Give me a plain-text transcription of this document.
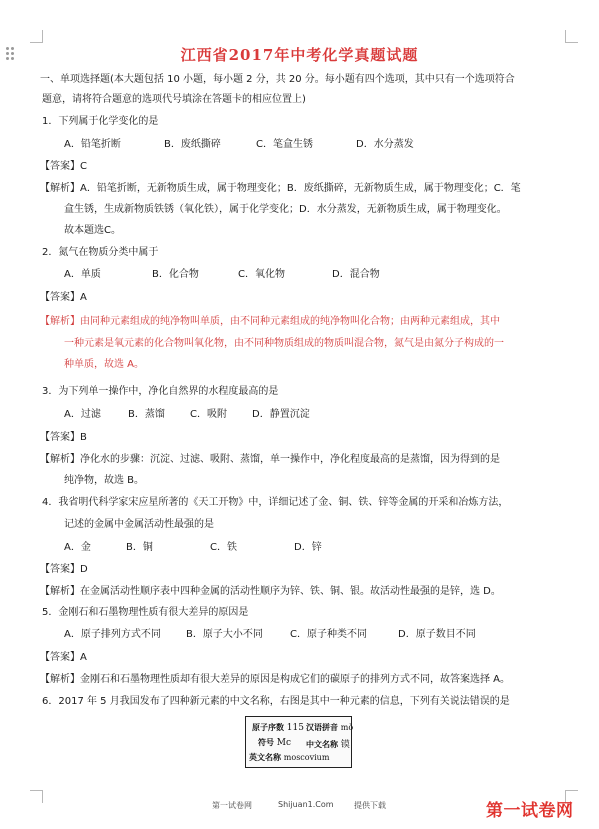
江西省2017年中考化学真题试题
一、单项选择题(本大题包括 10 小题，每小题 2 分，共 20 分。每小题有四个选项，其中只有一个选项符合
题意，请将符合题意的选项代号填涂在答题卡的相应位置上)
1．下列属于化学变化的是
A．铅笔折断	B．废纸撕碎	C．笔盒生锈	D．水分蒸发
【答案】C
【解析】A．铅笔折断，无新物质生成，属于物理变化；B．废纸撕碎，无新物质生成，属于物理变化；C．笔
盒生锈，生成新物质铁锈（氧化铁），属于化学变化；D．水分蒸发，无新物质生成，属于物理变化。
故本题选C。
2．氮气在物质分类中属于
A．单质	B．化合物	C．氧化物	D．混合物
【答案】A
【解析】由同种元素组成的纯净物叫单质，由不同种元素组成的纯净物叫化合物；由两种元素组成，其中
一种元素是氧元素的化合物叫氧化物，由不同种物质组成的物质叫混合物，氮气是由氮分子构成的一
种单质，故选 A。
3．为下列单一操作中，净化自然界的水程度最高的是
A．过滤	B．蒸馏	C．吸附	D．静置沉淀
【答案】B
【解析】净化水的步骤：沉淀、过滤、吸附、蒸馏，单一操作中，净化程度最高的是蒸馏，因为得到的是
纯净物，故选 B。
4．我省明代科学家宋应星所著的《天工开物》中，详细记述了金、铜、铁、锌等金属的开采和冶炼方法，
记述的金属中金属活动性最强的是
A．金	B．铜	C．铁	D．锌
【答案】D
【解析】在金属活动性顺序表中四种金属的活动性顺序为锌、铁、铜、银。故活动性最强的是锌，选 D。
5．金刚石和石墨物理性质有很大差异的原因是
A．原子排列方式不同	B．原子大小不同	C．原子种类不同	D．原子数目不同
【答案】A
【解析】金刚石和石墨物理性质却有很大差异的原因是构成它们的碳原子的排列方式不同，故答案选择 A。
6．2017 年 5 月我国发布了四种新元素的中文名称，右图是其中一种元素的信息，下列有关说法错误的是
原子序数 115 汉语拼音 mò
符号 Mc 中文名称 镆
英文名称 moscovium
第一试卷网	Shijuan1.Com	提供下载	第一试卷网
